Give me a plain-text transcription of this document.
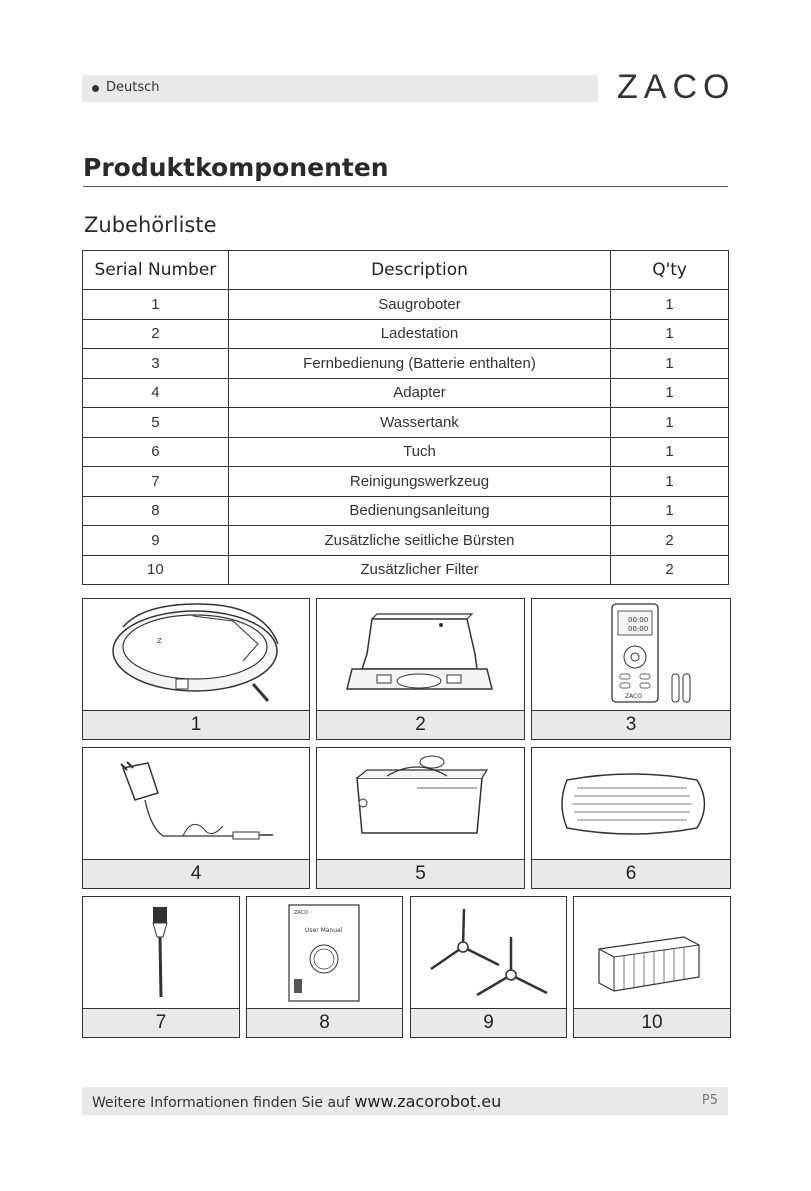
Deutsch	ZACO
Produktkomponenten
Zubehörliste
Serial Number	Description	Q'ty
1	Saugroboter	1
2	Ladestation	1
3	Fernbedienung (Batterie enthalten)	1
4	Adapter	1
5	Wassertank	1
6	Tuch	1
7	Reinigungswerkzeug	1
8	Bedienungsanleitung	1
9	Zusätzliche seitliche Bürsten	2
10	Zusätzlicher Filter	2
Z
1	2
00:00
00:00
ZACO
3
4	5	6
7
ZACO
User Manual
8	9	10
Weitere Informationen finden Sie auf www.zacorobot.eu	P5
